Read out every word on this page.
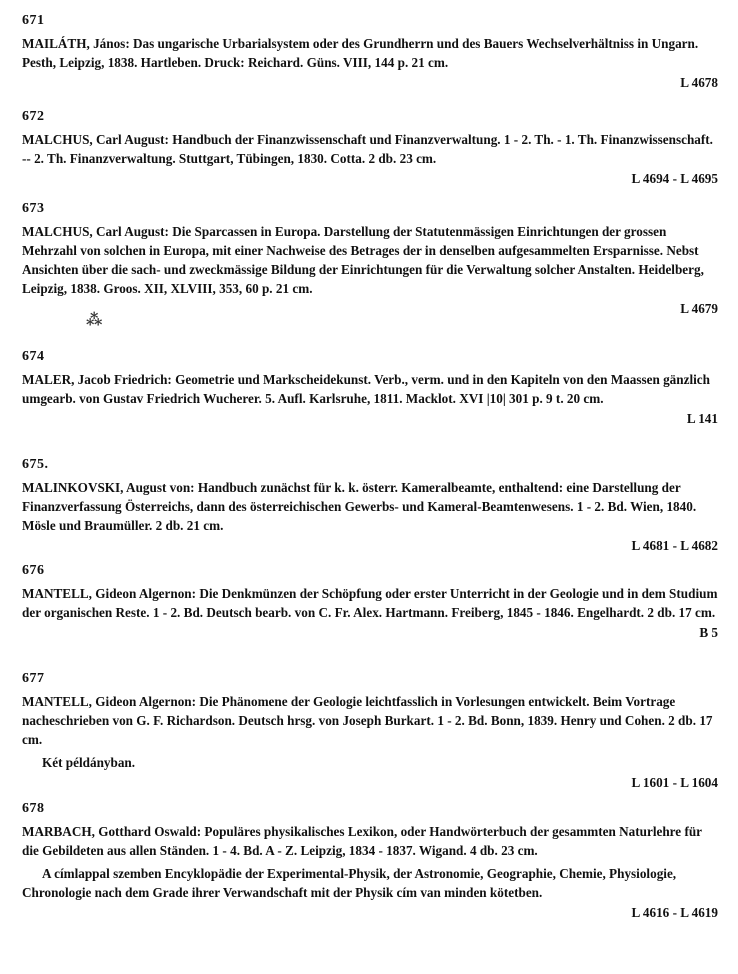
671
MAILÁTH, János: Das ungarische Urbarialsystem oder des Grundherrn und des Bauers Wechselverhältniss in Ungarn. Pesth, Leipzig, 1838. Hartleben. Druck: Reichard. Güns. VIII, 144 p. 21 cm.
L 4678
672
MALCHUS, Carl August: Handbuch der Finanzwissenschaft und Finanzverwaltung. 1 - 2. Th. - 1. Th. Finanzwissenschaft. -- 2. Th. Finanzverwaltung. Stuttgart, Tübingen, 1830. Cotta. 2 db. 23 cm.
L 4694 - L 4695
673
MALCHUS, Carl August: Die Sparcassen in Europa. Darstellung der Statutenmässigen Einrichtungen der grossen Mehrzahl von solchen in Europa, mit einer Nachweise des Betrages der in denselben aufgesammelten Ersparnisse. Nebst Ansichten über die sach- und zweckmässige Bildung der Einrichtungen für die Verwaltung solcher Anstalten. Heidelberg, Leipzig, 1838. Groos. XII, XLVIII, 353, 60 p. 21 cm.
L 4679
⁂
674
MALER, Jacob Friedrich: Geometrie und Markscheidekunst. Verb., verm. und in den Kapiteln von den Maassen gänzlich umgearb. von Gustav Friedrich Wucherer. 5. Aufl. Karlsruhe, 1811. Macklot. XVI |10| 301 p. 9 t. 20 cm.
L 141
675.
MALINKOVSKI, August von: Handbuch zunächst für k. k. österr. Kameralbeamte, enthaltend: eine Darstellung der Finanzverfassung Österreichs, dann des österreichischen Gewerbs- und Kameral-Beamtenwesens. 1 - 2. Bd. Wien, 1840. Mösle und Braumüller. 2 db. 21 cm.
L 4681 - L 4682
676
MANTELL, Gideon Algernon: Die Denkmünzen der Schöpfung oder erster Unterricht in der Geologie und in dem Studium der organischen Reste. 1 - 2. Bd. Deutsch bearb. von C. Fr. Alex. Hartmann. Freiberg, 1845 - 1846. Engelhardt. 2 db. 17 cm.
B 5
677
MANTELL, Gideon Algernon: Die Phänomene der Geologie leichtfasslich in Vorlesungen entwickelt. Beim Vortrage nacheschrieben von G. F. Richardson. Deutsch hrsg. von Joseph Burkart. 1 - 2. Bd. Bonn, 1839. Henry und Cohen. 2 db. 17 cm.
Két példányban.
L 1601 - L 1604
678
MARBACH, Gotthard Oswald: Populäres physikalisches Lexikon, oder Handwörterbuch der gesammten Naturlehre für die Gebildeten aus allen Ständen. 1 - 4. Bd. A - Z. Leipzig, 1834 - 1837. Wigand. 4 db. 23 cm.
A címlappal szemben Encyklopädie der Experimental-Physik, der Astronomie, Geographie, Chemie, Physiologie, Chronologie nach dem Grade ihrer Verwandschaft mit der Physik cím van minden kötetben.
L 4616 - L 4619
